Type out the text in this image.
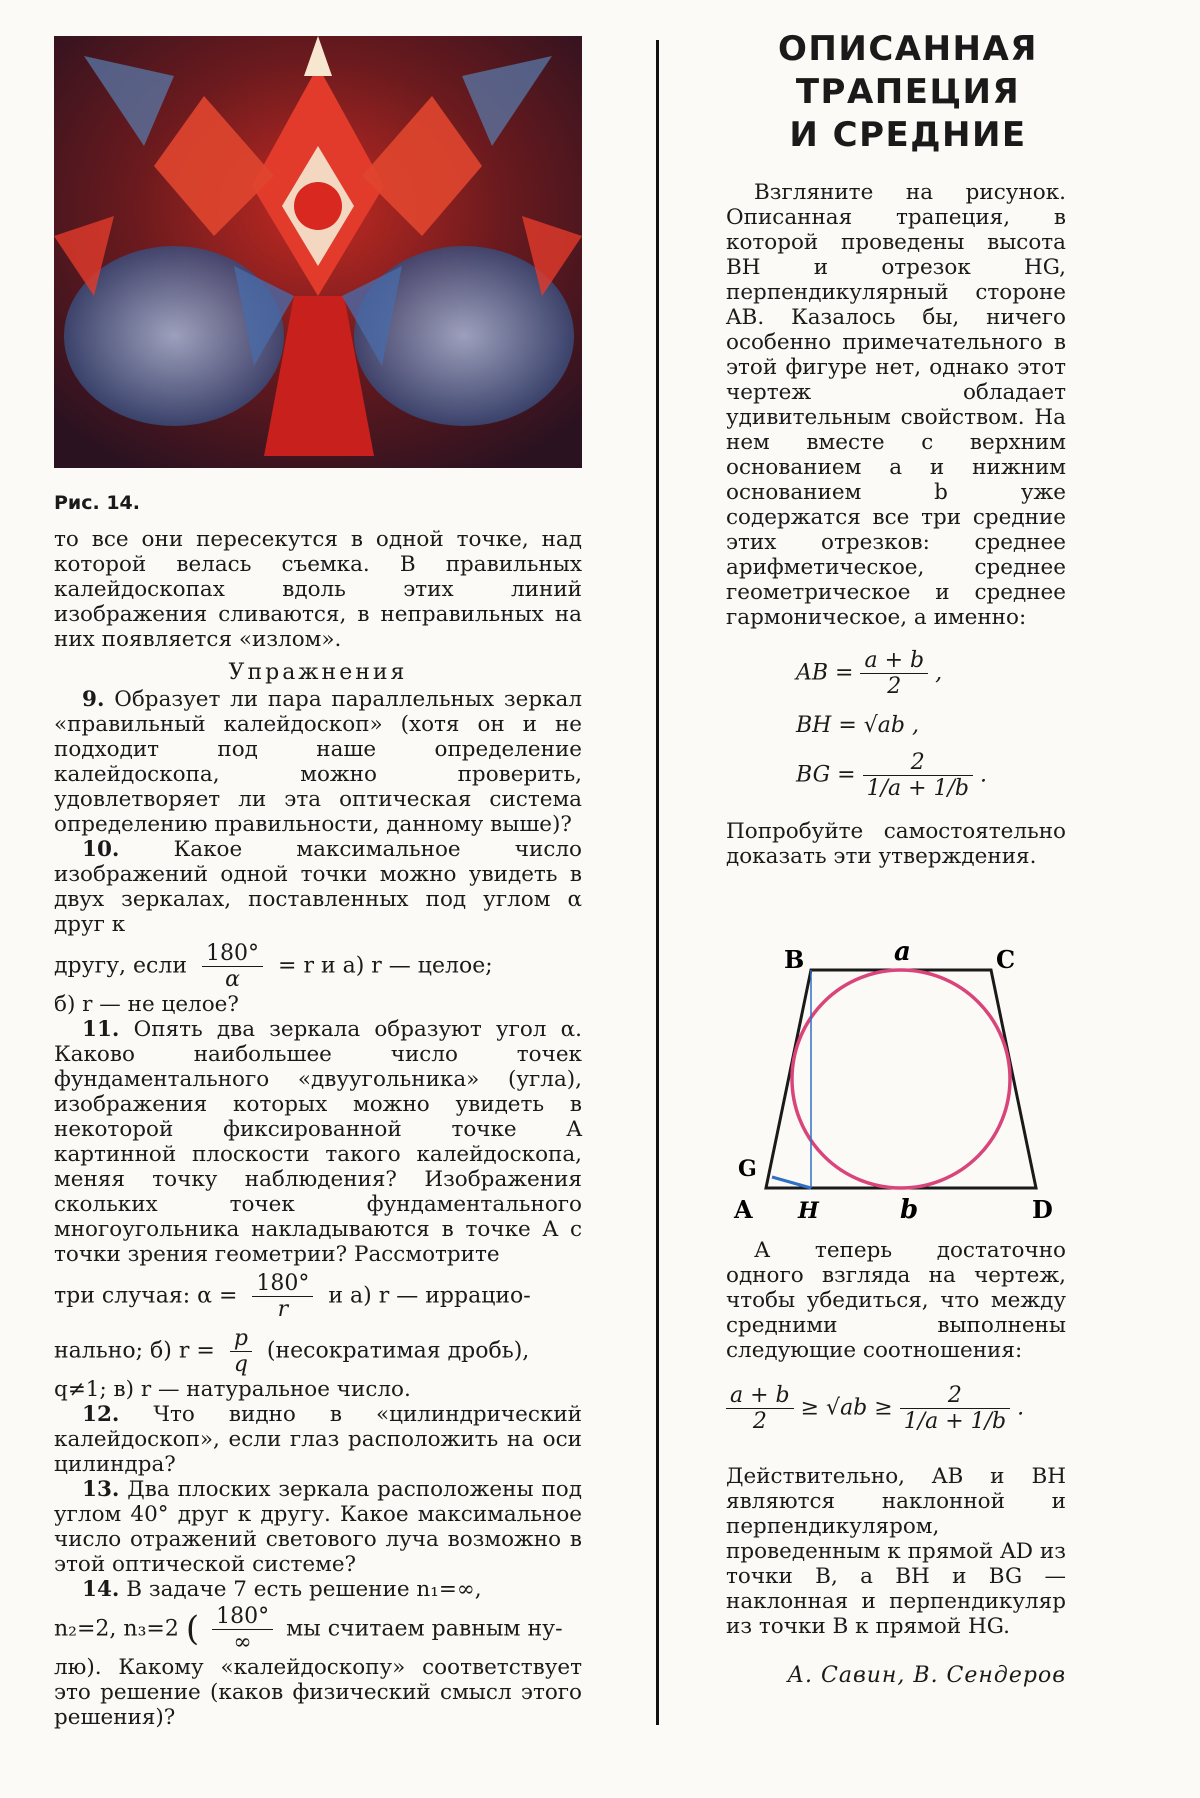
Рис. 14.

то все они пересекутся в одной точке, над которой велась съемка. В правильных калейдоскопах вдоль этих линий изображения сливаются, в неправильных на них появляется «излом».

Упражнения

9. Образует ли пара параллельных зеркал «правильный калейдоскоп» (хотя он и не подходит под наше определение калейдоскопа, можно проверить, удовлетворяет ли эта оптическая система определению правильности, данному выше)?

10.	Какое максимальное число изображений одной точки можно увидеть в двух зеркалах, поставленных под углом α друг к

другу, если $\frac{180^\circ}{\alpha} = r$ и а) r — целое;

б) r — не целое?

11. Опять два зеркала образуют угол α. Каково наибольшее число точек фундаментального «двуугольника» (угла), изображения которых можно увидеть в некоторой фиксированной точке A картинной плоскости такого калейдоскопа, меняя точку наблюдения? Изображения скольких точек фундаментального многоугольника накладываются в точке A с точки зрения геометрии? Рассмотрите

три случая: $\alpha = \frac{180^\circ}{r}$ и а) r — иррацио-
нально; б) $r = \frac{p}{q}$ (несократимая дробь),

q≠1; в) r — натуральное число.

12. Что видно в «цилиндрический калейдоскоп», если глаз расположить на оси цилиндра?

13. Два плоских зеркала расположены под углом 40° друг к другу. Какое максимальное число отражений светового луча возможно в этой оптической системе?

14. В задаче 7 есть решение n₁=∞,

n₂=2, n₃=2 ( $\frac{180^\circ}{\infty}$ мы считаем равным ну-

лю). Какому «калейдоскопу» соответствует это решение (каков физический смысл этого решения)?

ОПИСАННАЯ
ТРАПЕЦИЯ
И СРЕДНИЕ

Взгляните на рисунок. Описанная трапеция, в которой проведены высота BH и отрезок HG, перпендикулярный стороне AB. Казалось бы, ничего особенно примечательного в этой фигуре нет, однако этот чертеж обладает удивительным свойством. На нем вместе с верхним основанием a и нижним основанием b уже содержатся все три средние этих отрезков: среднее арифметическое, среднее геометрическое и среднее гармоническое, а именно:

AB = $\frac{a + b}{2}$ ,
BH = √ab ,
BG = $\frac{2}{1/a + 1/b}$ .

Попробуйте самостоятельно доказать эти утверждения.

B	C
a
G
A H	b	D

А теперь достаточно одного взгляда на чертеж, чтобы убедиться, что между средними выполнены следующие соотношения:

$\frac{a + b}{2} \ge √ab \ge \frac{2}{1/a + 1/b}$ .

Действительно, AB и BH являются наклонной и перпендикуляром, проведенным к прямой AD из точки B, а BH и BG — наклонная и перпендикуляр из точки B к прямой HG.

А. Савин, В. Сендеров
